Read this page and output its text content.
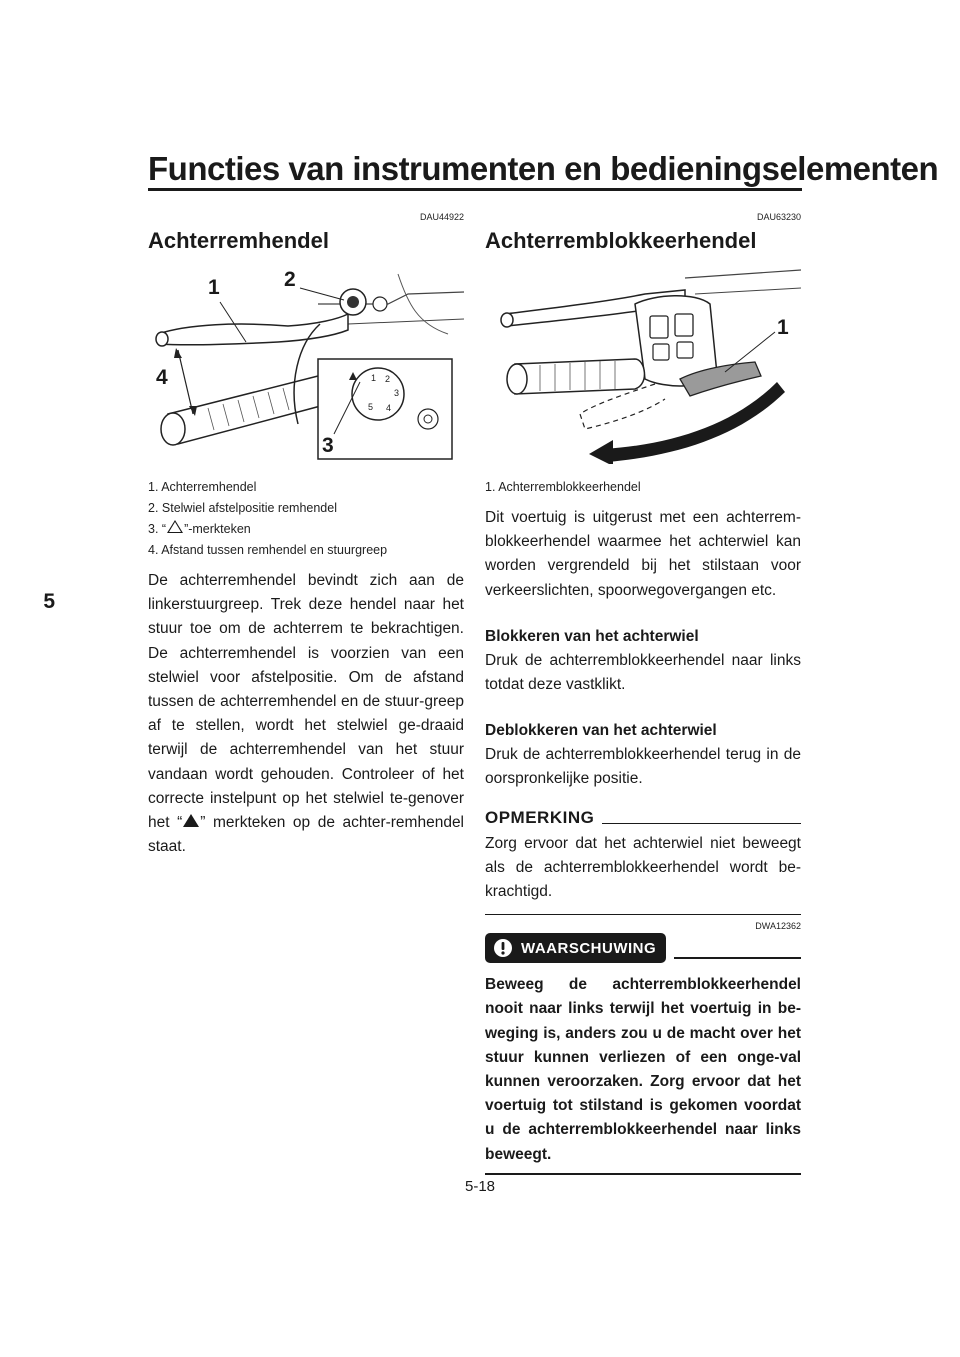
Functies van instrumenten en bedieningselementen
5
DAU44922
Achterremhendel
2
3
4
5
1
1	2
3
4
1. Achterremhendel
2. Stelwiel afstelpositie remhendel
3. “ ”-merkteken
4. Afstand tussen remhendel en stuurgreep
De achterremhendel bevindt zich aan de linkerstuurgreep. Trek deze hendel naar het stuur toe om de achterrem te bekrachtigen. De achterremhendel is voorzien van een stelwiel voor afstelpositie. Om de afstand tussen de achterremhendel en de stuur-greep af te stellen, wordt het stelwiel ge-draaid terwijl de achterremhendel van het stuur vandaan wordt gehouden. Controleer of het correcte instelpunt op het stelwiel te-genover het “ ” merkteken op de achter-remhendel staat.
DAU63230
Achterremblokkeerhendel
1
1. Achterremblokkeerhendel
Dit voertuig is uitgerust met een achterrem-blokkeerhendel waarmee het achterwiel kan worden vergrendeld bij het stilstaan voor verkeerslichten, spoorwegovergangen etc.
Blokkeren van het achterwiel
Druk de achterremblokkeerhendel naar links totdat deze vastklikt.
Deblokkeren van het achterwiel
Druk de achterremblokkeerhendel terug in de oorspronkelijke positie.
OPMERKING
Zorg ervoor dat het achterwiel niet beweegt als de achterremblokkeerhendel wordt be-krachtigd.
DWA12362
WAARSCHUWING
Beweeg de achterremblokkeerhendel nooit naar links terwijl het voertuig in be-weging is, anders zou u de macht over het stuur kunnen verliezen of een onge-val kunnen veroorzaken. Zorg ervoor dat het voertuig tot stilstand is gekomen voordat u de achterremblokkeerhendel naar links beweegt.
5-18
